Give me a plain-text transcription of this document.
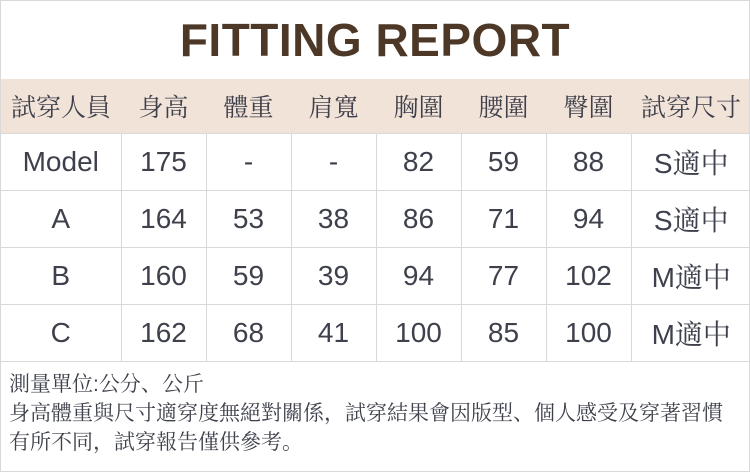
FITTING REPORT
試穿人員	身高	體重	肩寬	胸圍	腰圍	臀圍	試穿尺寸
Model	175	-	-	82	59	88	S適中
A	164	53	38	86	71	94	S適中
B	160	59	39	94	77	102	M適中
C	162	68	41	100	85	100	M適中
測量單位:公分、公斤
身高體重與尺寸適穿度無絕對關係，試穿結果會因版型、個人感受及穿著習慣有所不同，試穿報告僅供參考。
